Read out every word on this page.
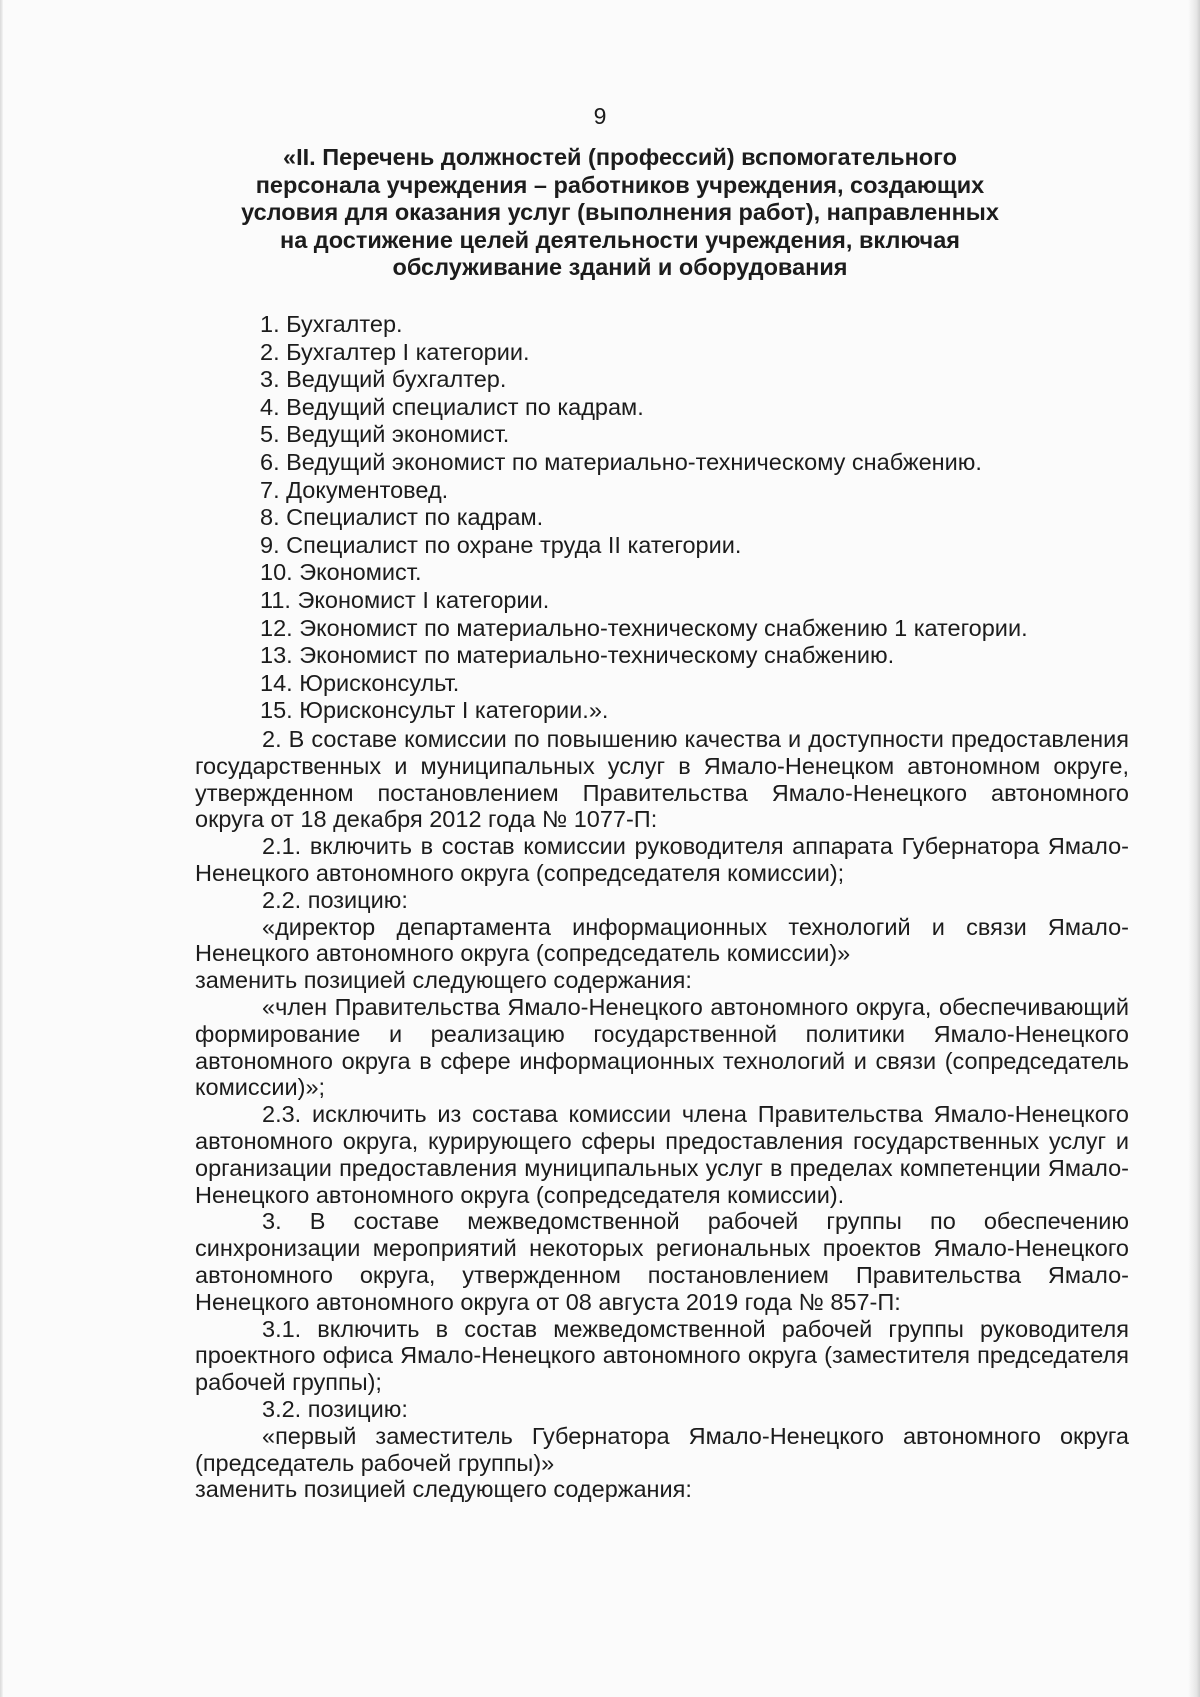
9
«II. Перечень должностей (профессий) вспомогательного
персонала учреждения – работников учреждения, создающих
условия для оказания услуг (выполнения работ), направленных
на достижение целей деятельности учреждения, включая
обслуживание зданий и оборудования
1. Бухгалтер.
2. Бухгалтер I категории.
3. Ведущий бухгалтер.
4. Ведущий специалист по кадрам.
5. Ведущий экономист.
6. Ведущий экономист по материально-техническому снабжению.
7. Документовед.
8. Специалист по кадрам.
9. Специалист по охране труда II категории.
10. Экономист.
11. Экономист I категории.
12. Экономист по материально-техническому снабжению 1 категории.
13. Экономист по материально-техническому снабжению.
14. Юрисконсульт.
15. Юрисконсульт I категории.».

2. В составе комиссии по повышению качества и доступности предоставления государственных и муниципальных услуг в Ямало-Ненецком автономном округе, утвержденном постановлением Правительства Ямало-Ненецкого автономного округа от 18 декабря 2012 года № 1077-П:

2.1. включить в состав комиссии руководителя аппарата Губернатора Ямало-Ненецкого автономного округа (сопредседателя комиссии);

2.2. позицию:

«директор департамента информационных технологий и связи Ямало-Ненецкого автономного округа (сопредседатель комиссии)»

заменить позицией следующего содержания:

«член Правительства Ямало-Ненецкого автономного округа, обеспечивающий формирование и реализацию государственной политики Ямало-Ненецкого автономного округа в сфере информационных технологий и связи (сопредседатель комиссии)»;

2.3. исключить из состава комиссии члена Правительства Ямало-Ненецкого автономного округа, курирующего сферы предоставления государственных услуг и организации предоставления муниципальных услуг в пределах компетенции Ямало-Ненецкого автономного округа (сопредседателя комиссии).

3. В составе межведомственной рабочей группы по обеспечению синхронизации мероприятий некоторых региональных проектов Ямало-Ненецкого автономного округа, утвержденном постановлением Правительства Ямало-Ненецкого автономного округа от 08 августа 2019 года № 857-П:

3.1. включить в состав межведомственной рабочей группы руководителя проектного офиса Ямало-Ненецкого автономного округа (заместителя председателя рабочей группы);

3.2. позицию:

«первый заместитель Губернатора Ямало-Ненецкого автономного округа (председатель рабочей группы)»

заменить позицией следующего содержания:
